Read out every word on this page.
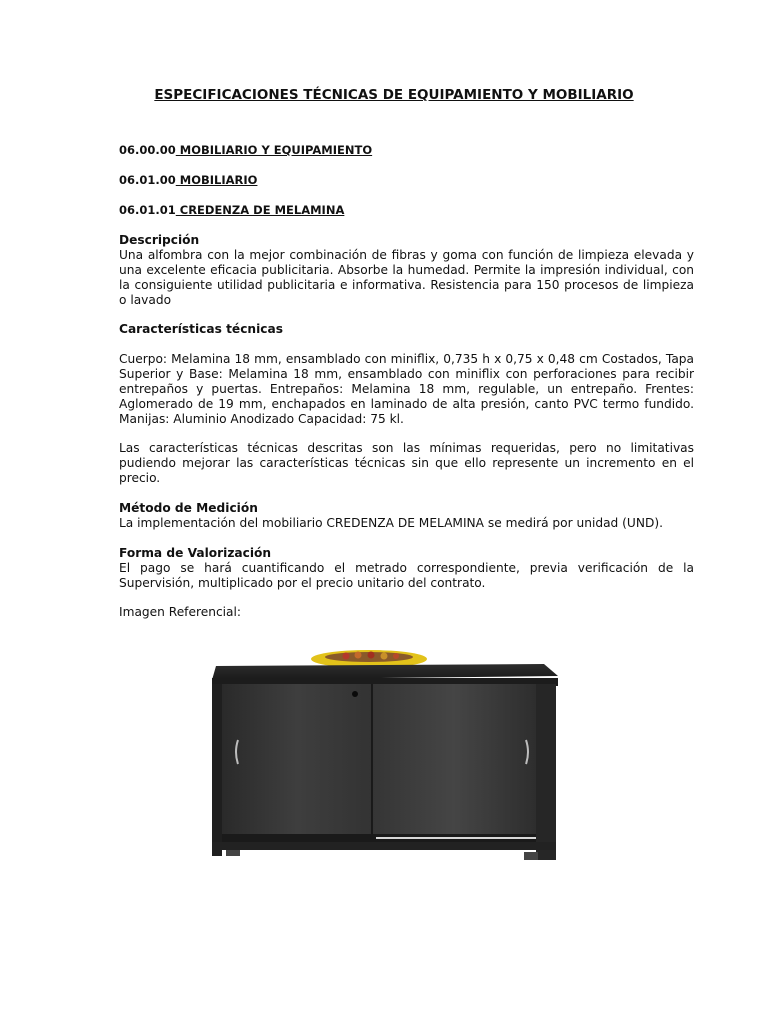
ESPECIFICACIONES TÉCNICAS DE EQUIPAMIENTO Y MOBILIARIO
06.00.00 MOBILIARIO Y EQUIPAMIENTO
06.01.00 MOBILIARIO
06.01.01 CREDENZA DE MELAMINA
Descripción
Una alfombra con la mejor combinación de fibras y goma con función de limpieza elevada y una excelente eficacia publicitaria. Absorbe la humedad. Permite la impresión individual, con la consiguiente utilidad publicitaria e informativa. Resistencia para 150 procesos de limpieza o lavado
Características técnicas
Cuerpo: Melamina 18 mm, ensamblado con miniflix, 0,735 h x 0,75 x 0,48 cm Costados, Tapa Superior y Base: Melamina 18 mm, ensamblado con miniflix con perforaciones para recibir entrepaños y puertas. Entrepaños: Melamina 18 mm, regulable, un entrepaño. Frentes: Aglomerado de 19 mm, enchapados en laminado de alta presión, canto PVC termo fundido. Manijas: Aluminio Anodizado Capacidad: 75 kl.
Las características técnicas descritas son las mínimas requeridas, pero no limitativas pudiendo mejorar las características técnicas sin que ello represente un incremento en el precio.
Método de Medición
La implementación del mobiliario CREDENZA DE MELAMINA se medirá por unidad (UND).
Forma de Valorización
El pago se hará cuantificando el metrado correspondiente, previa verificación de la Supervisión, multiplicado por el precio unitario del contrato.
Imagen Referencial:
